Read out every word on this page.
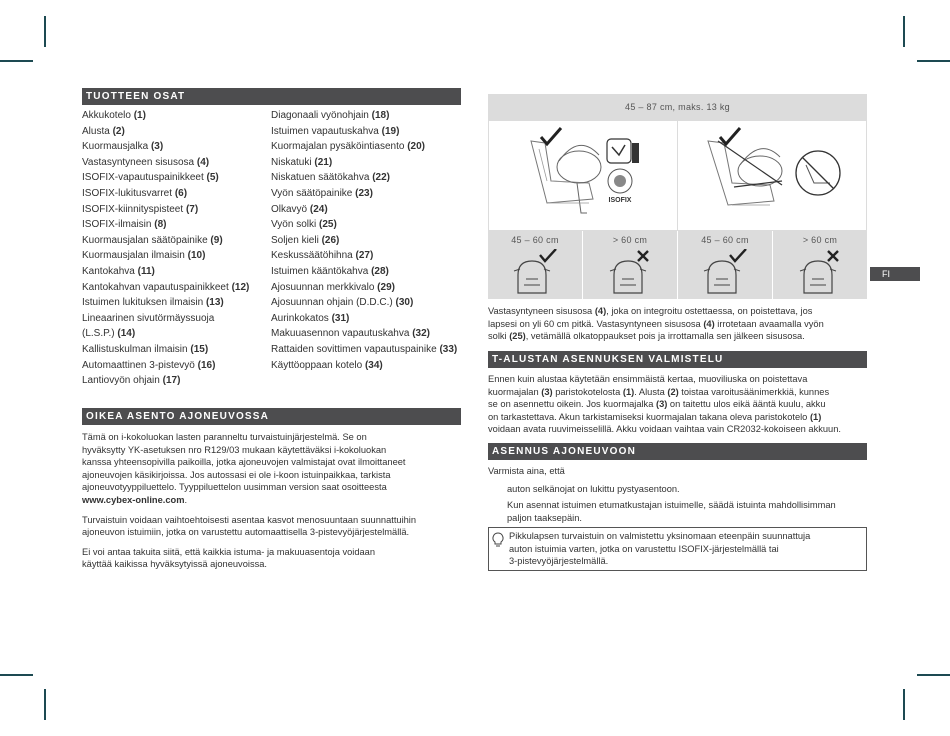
TUOTTEEN OSAT
Akkukotelo (1)
Alusta (2)
Kuormausjalka (3)
Vastasyntyneen sisusosa (4)
ISOFIX-vapautuspainikkeet (5)
ISOFIX-lukitusvarret (6)
ISOFIX-kiinnityspisteet (7)
ISOFIX-ilmaisin (8)
Kuormausjalan säätöpainike (9)
Kuormausjalan ilmaisin (10)
Kantokahva (11)
Kantokahvan vapautuspainikkeet (12)
Istuimen lukituksen ilmaisin (13)
Lineaarinen sivutörmäyssuoja
(L.S.P.) (14)
Kallistuskulman ilmaisin (15)
Automaattinen 3-pistevyö (16)
Lantiovyön ohjain (17)
Diagonaali vyönohjain (18)
Istuimen vapautuskahva (19)
Kuormajalan pysäköintiasento (20)
Niskatuki (21)
Niskatuen säätökahva (22)
Vyön säätöpainike (23)
Olkavyö (24)
Vyön solki (25)
Soljen kieli (26)
Keskussäätöhihna (27)
Istuimen kääntökahva (28)
Ajosuunnan merkkivalo (29)
Ajosuunnan ohjain (D.D.C.) (30)
Aurinkokatos (31)
Makuuasennon vapautuskahva (32)
Rattaiden sovittimen vapautuspainike (33)
Käyttöoppaan kotelo (34)
OIKEA ASENTO AJONEUVOSSA

Tämä on i-kokoluokan lasten paranneltu turvaistuinjärjestelmä. Se on
hyväksytty YK-asetuksen nro R129/03 mukaan käytettäväksi i-kokoluokan
kanssa yhteensopivilla paikoilla, jotka ajoneuvojen valmistajat ovat ilmoittaneet
ajoneuvojen käsikirjoissa. Jos autossasi ei ole i-koon istuinpaikkaa, tarkista
ajoneuvotyyppiluettelo. Tyyppiluettelon uusimman version saat osoitteesta
www.cybex-online.com.

Turvaistuin voidaan vaihtoehtoisesti asentaa kasvot menosuuntaan suunnattuihin
ajoneuvon istuimiin, jotka on varustettu automaattisella 3-pistevyöjärjestelmällä.

Ei voi antaa takuita siitä, että kaikkia istuma- ja makuuasentoja voidaan
käyttää kaikissa hyväksytyissä ajoneuvoissa.

45 – 87 cm, maks. 13 kg
ISOFIX
45 – 60 cm	> 60 cm	45 – 60 cm	> 60 cm
Vastasyntyneen sisusosa (4), joka on integroitu ostettaessa, on poistettava, jos
lapsesi on yli 60 cm pitkä. Vastasyntyneen sisusosa (4) irrotetaan avaamalla vyön
solki (25), vetämällä olkatoppaukset pois ja irrottamalla sen jälkeen sisusosa.
T-ALUSTAN ASENNUKSEN VALMISTELU
Ennen kuin alustaa käytetään ensimmäistä kertaa, muoviliuska on poistettava
kuormajalan (3) paristokotelosta (1). Alusta (2) toistaa varoitusäänimerkkiä, kunnes
se on asennettu oikein. Jos kuormajalka (3) on taitettu ulos eikä ääntä kuulu, akku
on tarkastettava. Akun tarkistamiseksi kuormajalan takana oleva paristokotelo (1)
voidaan avata ruuvimeisselillä. Akku voidaan vaihtaa vain CR2032-kokoiseen akkuun.
ASENNUS AJONEUVOON
Varmista aina, että
auton selkänojat on lukittu pystyasentoon.
Kun asennat istuimen etumatkustajan istuimelle, säädä istuinta mahdollisimman
paljon taaksepäin.
Pikkulapsen turvaistuin on valmistettu yksinomaan eteenpäin suunnattuja
auton istuimia varten, jotka on varustettu ISOFIX-järjestelmällä tai
3-pistevyöjärjestelmällä.
FI
